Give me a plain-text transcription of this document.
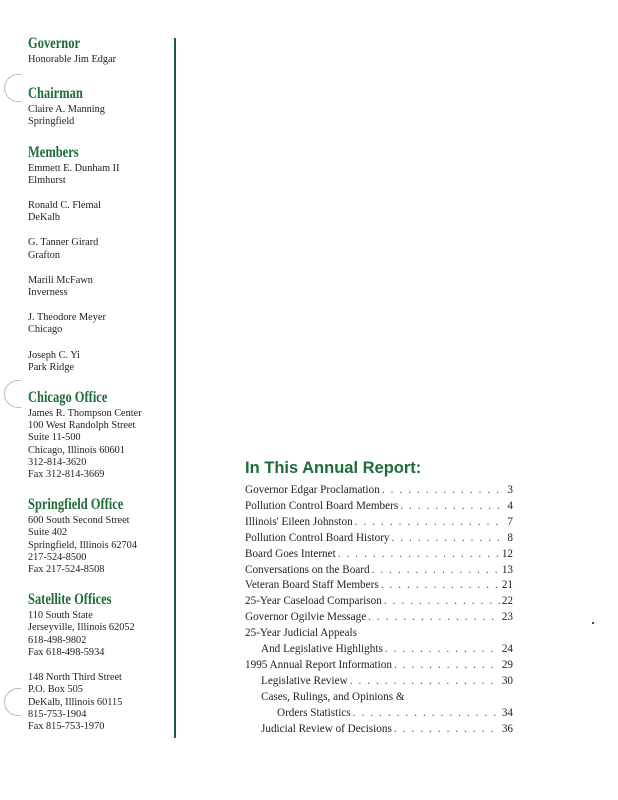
Governor

Honorable Jim Edgar

Chairman

Claire A. Manning

Springfield

Members

Emmett E. Dunham II

Elmhurst

Ronald C. Flemal

DeKalb

G. Tanner Girard

Grafton

Marili McFawn

Inverness

J. Theodore Meyer

Chicago

Joseph C. Yi

Park Ridge

Chicago Office

James R. Thompson Center

100 West Randolph Street

Suite 11-500

Chicago, Illinois 60601

312-814-3620

Fax 312-814-3669

Springfield Office

600 South Second Street

Suite 402

Springfield, Illinois 62704

217-524-8500

Fax 217-524-8508

Satellite Offices

110 South State

Jerseyville, Illinois 62052

618-498-9802

Fax 618-498-5934

148 North Third Street

P.O. Box 505

DeKalb, Illinois 60115

815-753-1904

Fax 815-753-1970

In This Annual Report:
Governor Edgar Proclamation . . .	3
Pollution Control Board Members . . .	4
Illinois' Eileen Johnston . . .	7
Pollution Control Board History . . .	8
Board Goes Internet . . .	12
Conversations on the Board . . .	13
Veteran Board Staff Members . . .	21
25-Year Caseload Comparison . . .	22
Governor Ogilvie Message . . .	23
25-Year Judicial Appeals
And Legislative Highlights . . .	24
1995 Annual Report Information . . .	29
Legislative Review . . .	30
Cases, Rulings, and Opinions &
Orders Statistics . . .	34
Judicial Review of Decisions . . .	36
